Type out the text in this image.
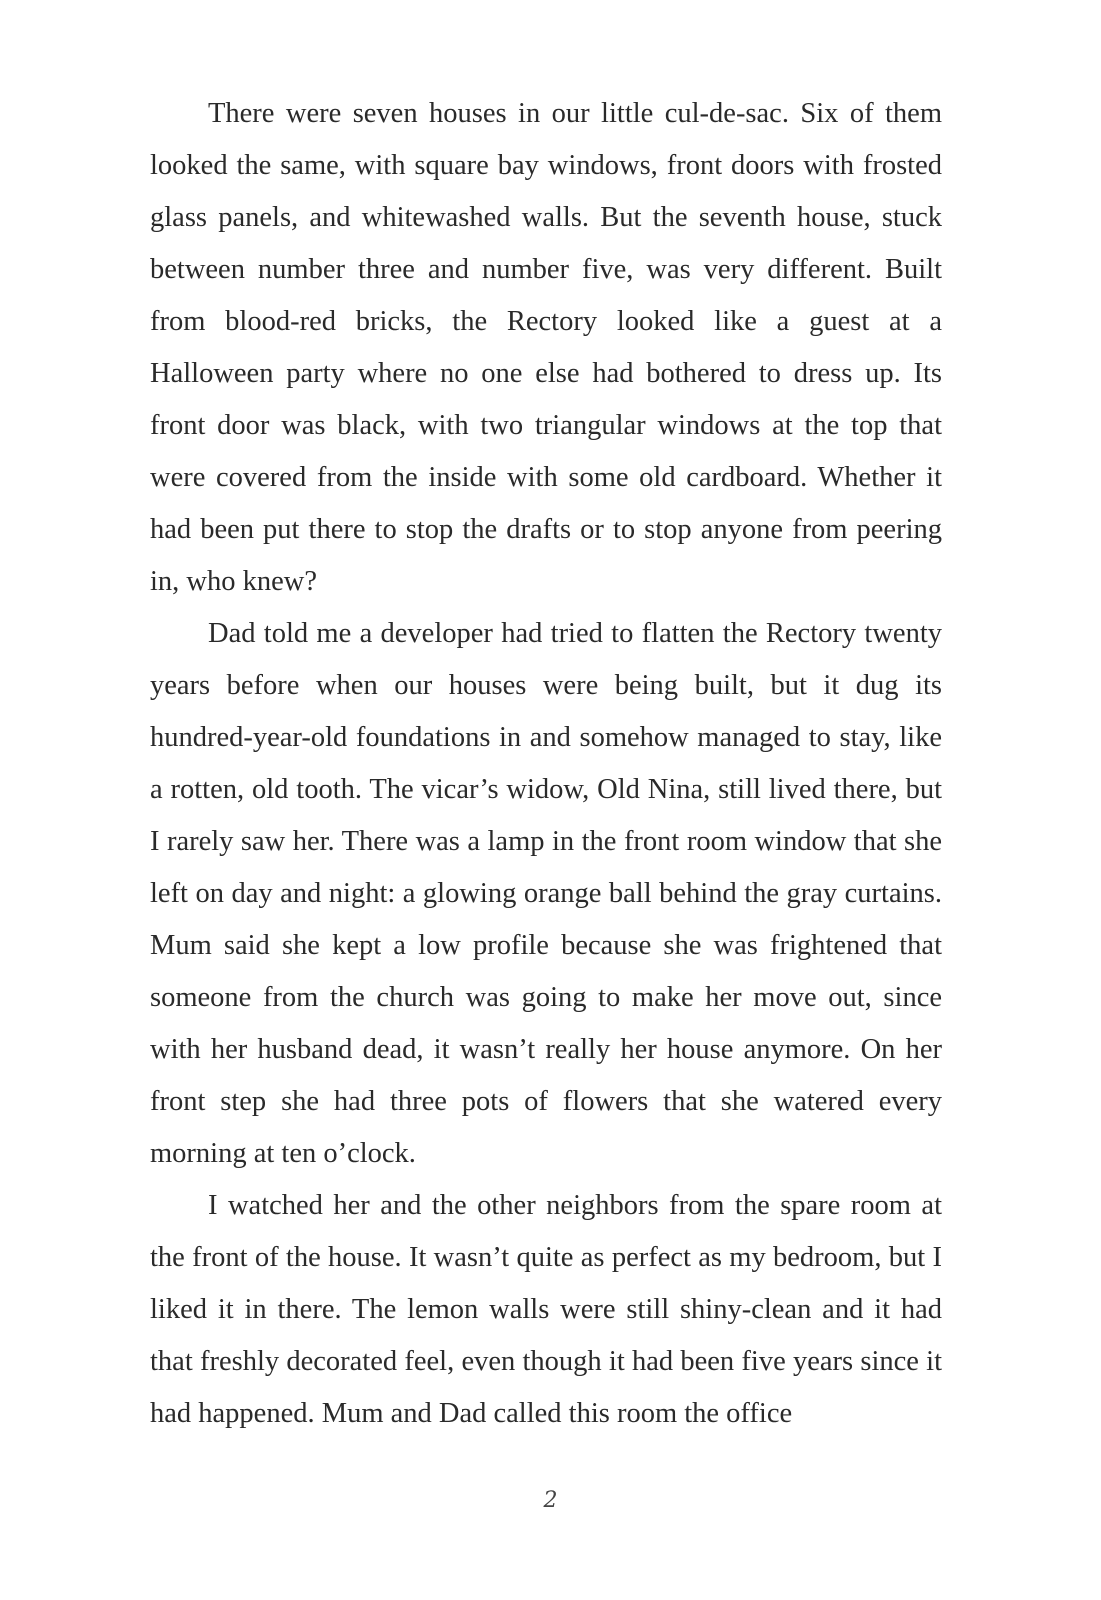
There were seven houses in our little cul-de-sac. Six of them looked the same, with square bay windows, front doors with frosted glass panels, and whitewashed walls. But the seventh house, stuck between number three and number five, was very different. Built from blood-red bricks, the Rectory looked like a guest at a Halloween party where no one else had bothered to dress up. Its front door was black, with two triangular windows at the top that were covered from the inside with some old cardboard. Whether it had been put there to stop the drafts or to stop anyone from peering in, who knew?

Dad told me a developer had tried to flatten the Rectory twenty years before when our houses were being built, but it dug its hundred-year-old foundations in and somehow managed to stay, like a rotten, old tooth. The vicar’s widow, Old Nina, still lived there, but I rarely saw her. There was a lamp in the front room window that she left on day and night: a glowing orange ball behind the gray curtains. Mum said she kept a low profile because she was frightened that someone from the church was going to make her move out, since with her husband dead, it wasn’t really her house anymore. On her front step she had three pots of flowers that she watered every morning at ten o’clock.

I watched her and the other neighbors from the spare room at the front of the house. It wasn’t quite as perfect as my bedroom, but I liked it in there. The lemon walls were still shiny-clean and it had that freshly decorated feel, even though it had been five years since it had happened. Mum and Dad called this room the office

2
